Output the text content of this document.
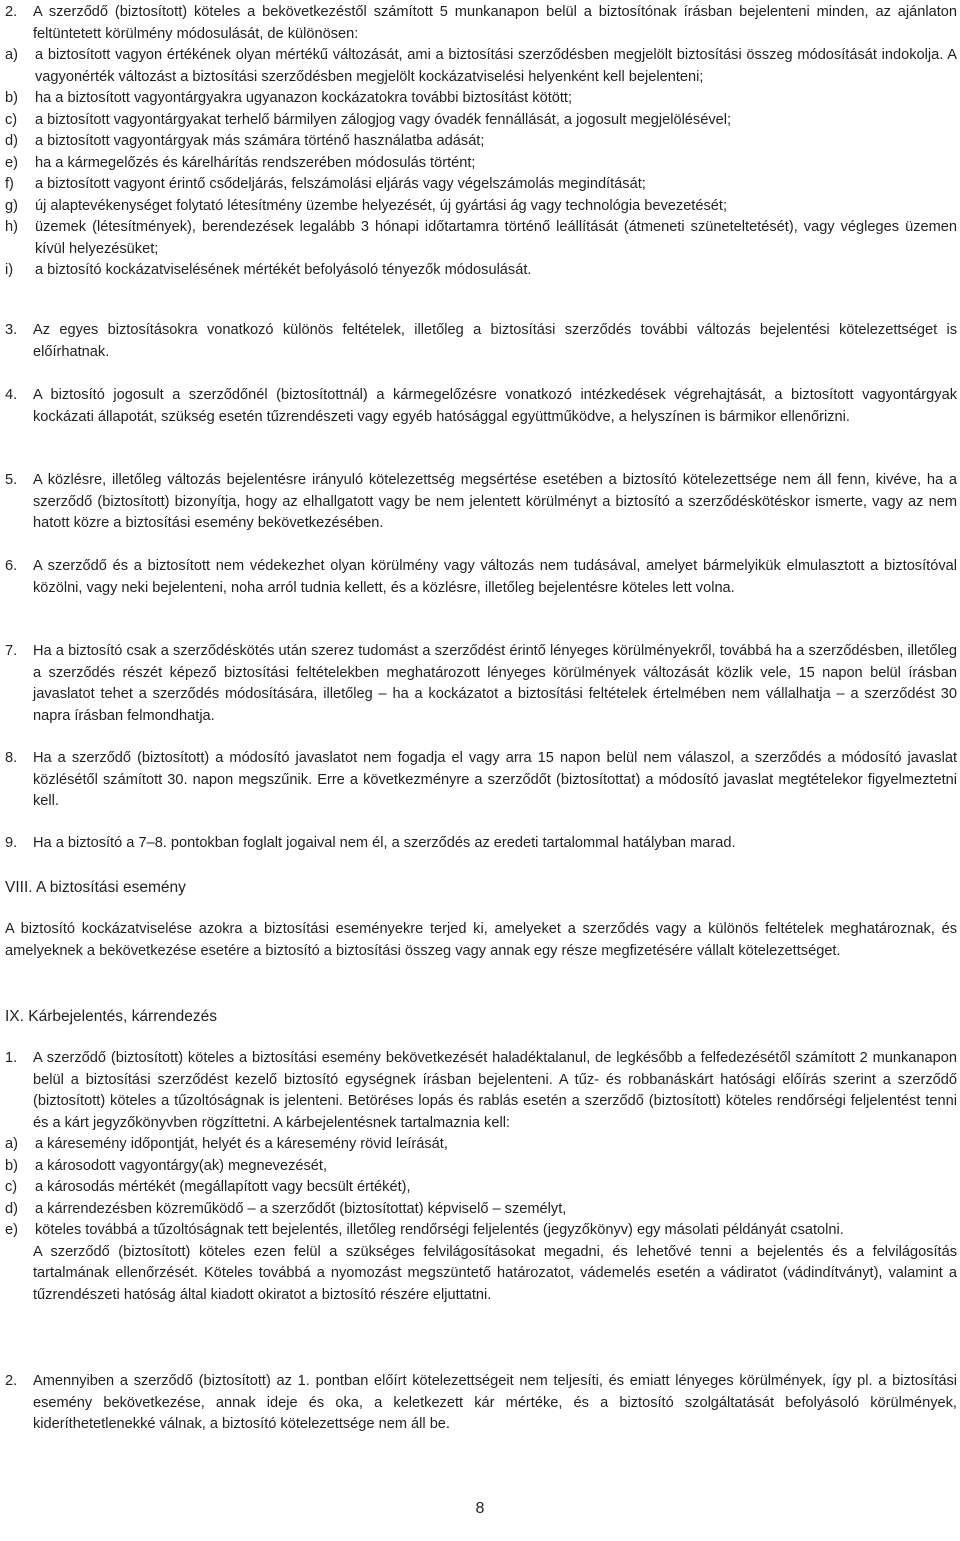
2.	A szerződő (biztosított) köteles a bekövetkezéstől számított 5 munkanapon belül a biztosítónak írásban bejelenteni minden, az ajánlaton feltüntetett körülmény módosulását, de különösen:

a)	a biztosított vagyon értékének olyan mértékű változását, ami a biztosítási szerződésben megjelölt biztosítási összeg módosítását indokolja. A vagyonérték változást a biztosítási szerződésben megjelölt kockázatviselési helyenként kell bejelenteni;
b)	ha a biztosított vagyontárgyakra ugyanazon kockázatokra további biztosítást kötött;
c)	a biztosított vagyontárgyakat terhelő bármilyen zálogjog vagy óvadék fennállását, a jogosult megjelölésével;
d)	a biztosított vagyontárgyak más számára történő használatba adását;
e)	ha a kármegelőzés és kárelhárítás rendszerében módosulás történt;
f)	a biztosított vagyont érintő csődeljárás, felszámolási eljárás vagy végelszámolás megindítását;
g)	új alaptevékenységet folytató létesítmény üzembe helyezését, új gyártási ág vagy technológia bevezetését;
h)	üzemek (létesítmények), berendezések legalább 3 hónapi időtartamra történő leállítását (átmeneti szüneteltetését), vagy végleges üzemen kívül helyezésüket;
i)	a biztosító kockázatviselésének mértékét befolyásoló tényezők módosulását.
3.	Az egyes biztosításokra vonatkozó különös feltételek, illetőleg a biztosítási szerződés további változás bejelentési kötelezettséget is előírhatnak.

4.	A biztosító jogosult a szerződőnél (biztosítottnál) a kármegelőzésre vonatkozó intézkedések végrehajtását, a biztosított vagyontárgyak kockázati állapotát, szükség esetén tűzrendészeti vagy egyéb hatósággal együttműködve, a helyszínen is bármikor ellenőrizni.

5.	A közlésre, illetőleg változás bejelentésre irányuló kötelezettség megsértése esetében a biztosító kötelezettsége nem áll fenn, kivéve, ha a szerződő (biztosított) bizonyítja, hogy az elhallgatott vagy be nem jelentett körülményt a biztosító a szerződéskötéskor ismerte, vagy az nem hatott közre a biztosítási esemény bekövetkezésében.

6.	A szerződő és a biztosított nem védekezhet olyan körülmény vagy változás nem tudásával, amelyet bármelyikük elmulasztott a biztosítóval közölni, vagy neki bejelenteni, noha arról tudnia kellett, és a közlésre, illetőleg bejelentésre köteles lett volna.

7.	Ha a biztosító csak a szerződéskötés után szerez tudomást a szerződést érintő lényeges körülményekről, továbbá ha a szerződésben, illetőleg a szerződés részét képező biztosítási feltételekben meghatározott lényeges körülmények változását közlik vele, 15 napon belül írásban javaslatot tehet a szerződés módosítására, illetőleg – ha a kockázatot a biztosítási feltételek értelmében nem vállalhatja – a szerződést 30 napra írásban felmondhatja.

8.	Ha a szerződő (biztosított) a módosító javaslatot nem fogadja el vagy arra 15 napon belül nem válaszol, a szerződés a módosító javaslat közlésétől számított 30. napon megszűnik. Erre a következményre a szerződőt (biztosítottat) a módosító javaslat megtételekor figyelmeztetni kell.

9.	Ha a biztosító a 7–8. pontokban foglalt jogaival nem él, a szerződés az eredeti tartalommal hatályban marad.

VIII. A biztosítási esemény

A biztosító kockázatviselése azokra a biztosítási eseményekre terjed ki, amelyeket a szerződés vagy a különös feltételek meghatároznak, és amelyeknek a bekövetkezése esetére a biztosító a biztosítási összeg vagy annak egy része megfizetésére vállalt kötelezettséget.

IX. Kárbejelentés, kárrendezés

1.	A szerződő (biztosított) köteles a biztosítási esemény bekövetkezését haladéktalanul, de legkésőbb a felfedezésétől számított 2 munkanapon belül a biztosítási szerződést kezelő biztosító egységnek írásban bejelenteni. A tűz- és robbanáskárt hatósági előírás szerint a szerződő (biztosított) köteles a tűzoltóságnak is jelenteni. Betöréses lopás és rablás esetén a szerződő (biztosított) köteles rendőrségi feljelentést tenni és a kárt jegyzőkönyvben rögzíttetni. A kárbejelentésnek tartalmaznia kell:

a)	a káresemény időpontját, helyét és a káresemény rövid leírását,
b)	a károsodott vagyontárgy(ak) megnevezését,
c)	a károsodás mértékét (megállapított vagy becsült értékét),
d)	a kárrendezésben közreműködő – a szerződőt (biztosítottat) képviselő – személyt,
e)	köteles továbbá a tűzoltóságnak tett bejelentés, illetőleg rendőrségi feljelentés (jegyzőkönyv) egy másolati példányát csatolni.

A szerződő (biztosított) köteles ezen felül a szükséges felvilágosításokat megadni, és lehetővé tenni a bejelentés és a felvilágosítás tartalmának ellenőrzését. Köteles továbbá a nyomozást megszüntető határozatot, vádemelés esetén a vádiratot (vádindítványt), valamint a tűzrendészeti hatóság által kiadott okiratot a biztosító részére eljuttatni.

2.	Amennyiben a szerződő (biztosított) az 1. pontban előírt kötelezettségeit nem teljesíti, és emiatt lényeges körülmények, így pl. a biztosítási esemény bekövetkezése, annak ideje és oka, a keletkezett kár mértéke, és a biztosító szolgáltatását befolyásoló körülmények, kideríthetetlenekké válnak, a biztosító kötelezettsége nem áll be.

8
